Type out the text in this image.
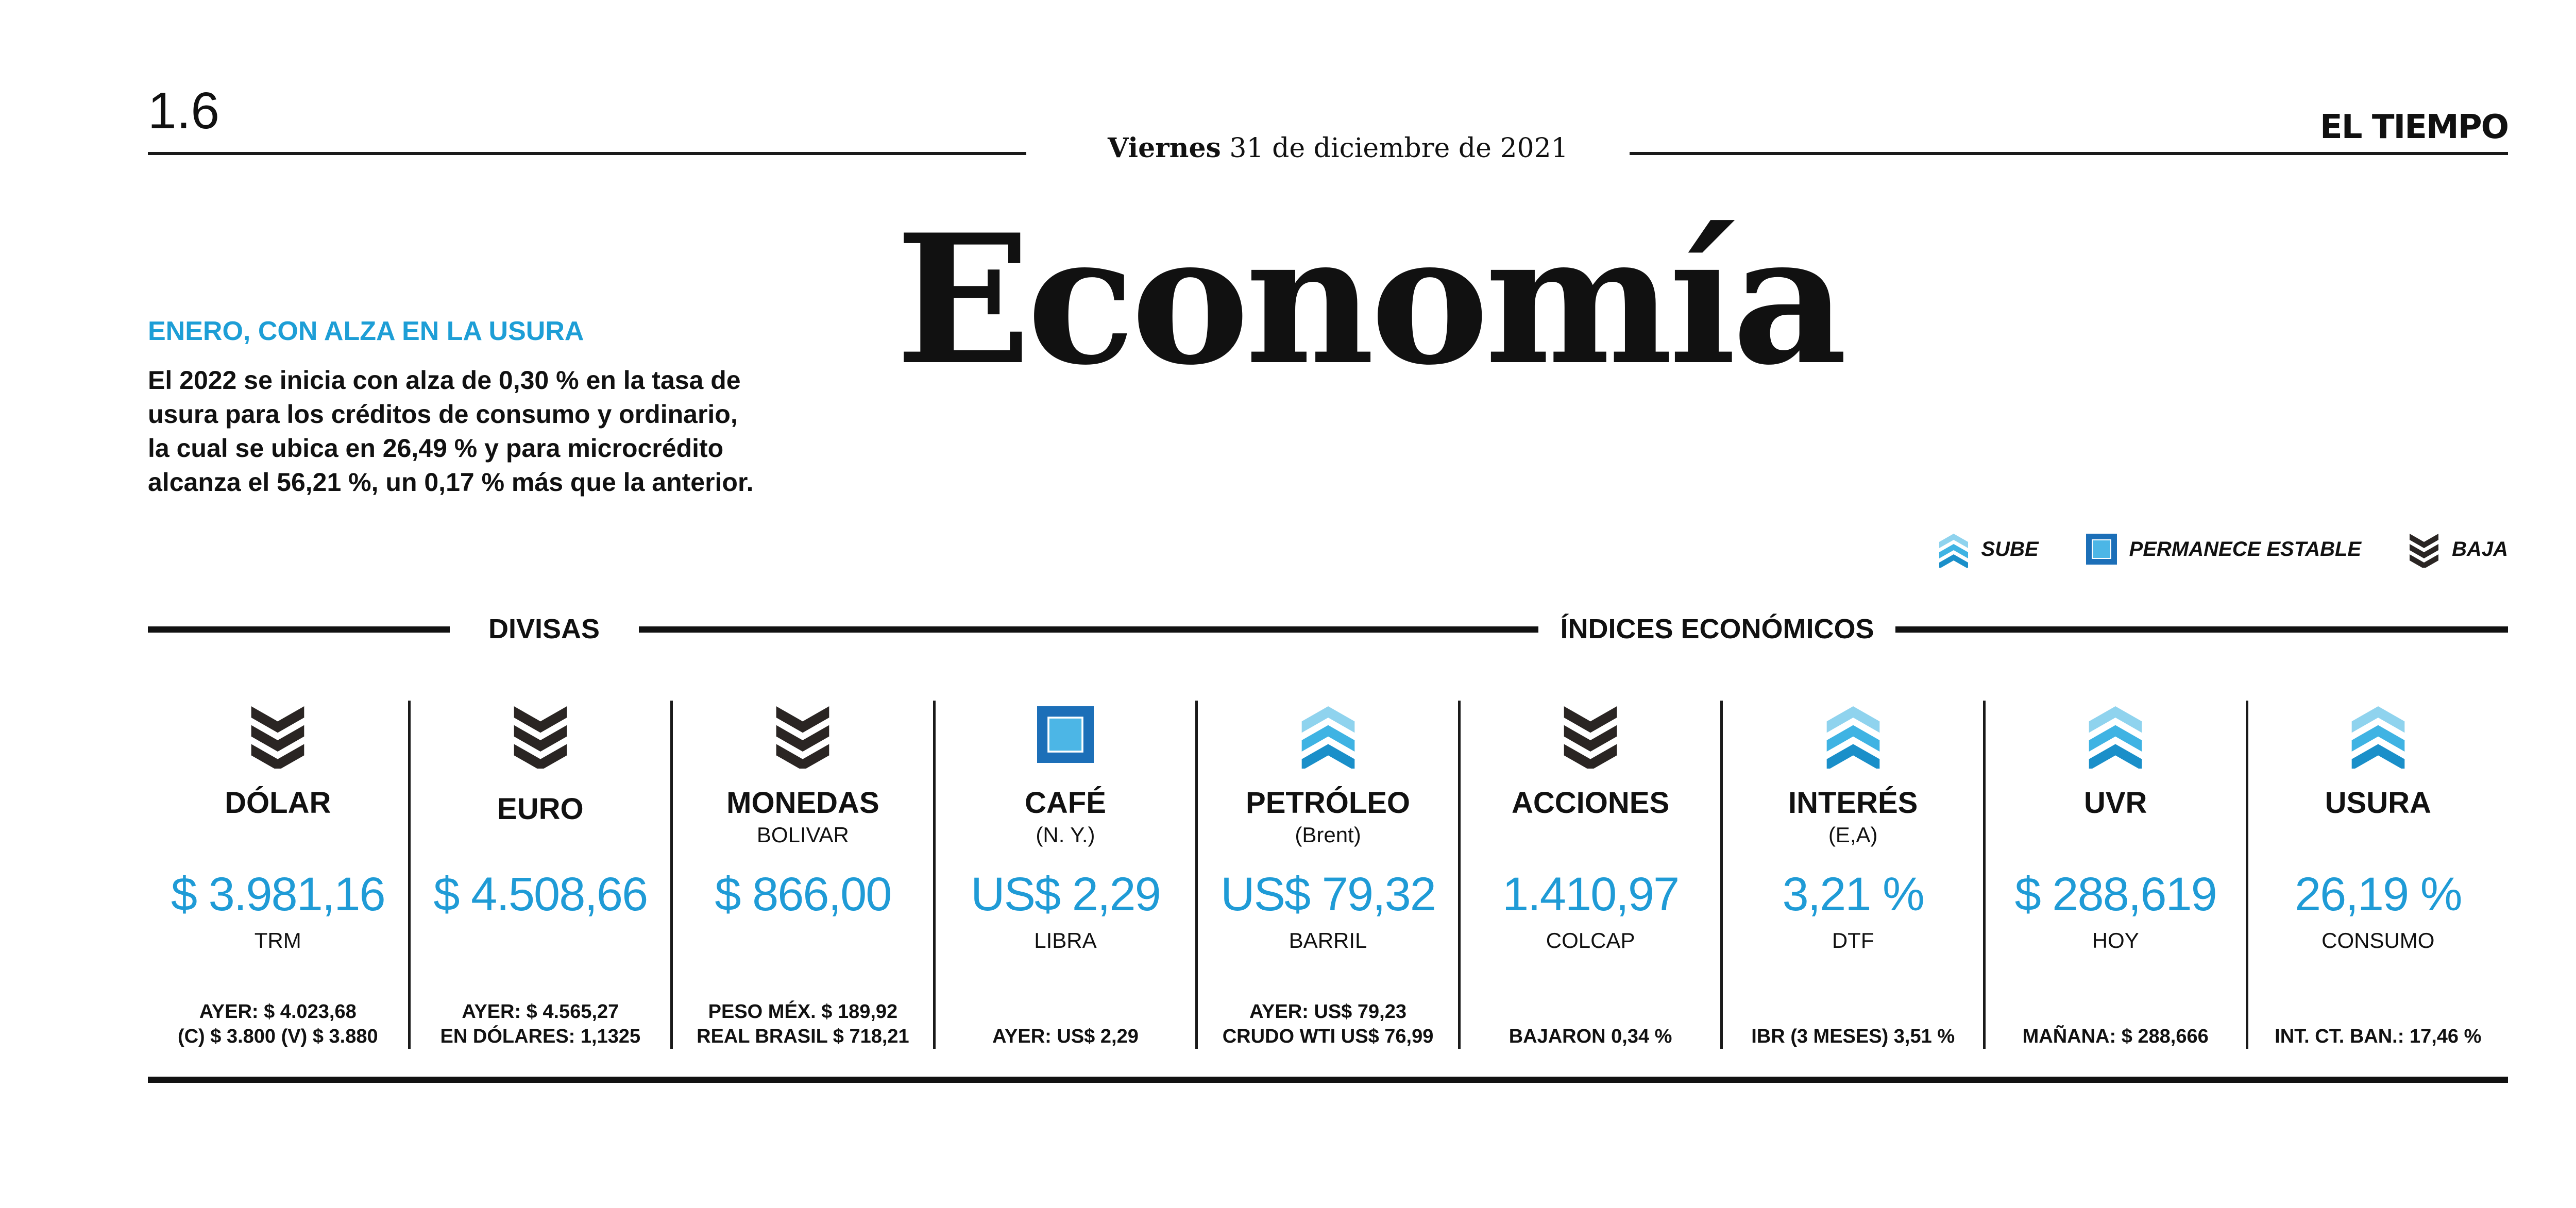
1.6
Viernes 31 de diciembre de 2021
EL TIEMPO
Economía
ENERO, CON ALZA EN LA USURA
El 2022 se inicia con alza de 0,30 % en la tasa de
usura para los créditos de consumo y ordinario,
la cual se ubica en 26,49 % y para microcrédito
alcanza el 56,21 %, un 0,17 % más que la anterior.
SUBE	PERMANECE ESTABLE	BAJA
DIVISAS	ÍNDICES ECONÓMICOS
DÓLAR
$ 3.981,16
TRM
AYER: $ 4.023,68
(C) $ 3.800 (V) $ 3.880
EURO
$ 4.508,66
AYER: $ 4.565,27
EN DÓLARES: 1,1325
MONEDAS
BOLIVAR
$ 866,00
PESO MÉX. $ 189,92
REAL BRASIL $ 718,21
CAFÉ
(N. Y.)
US$ 2,29
LIBRA
AYER: US$ 2,29
PETRÓLEO
(Brent)
US$ 79,32
BARRIL
AYER: US$ 79,23
CRUDO WTI US$ 76,99
ACCIONES
1.410,97
COLCAP
BAJARON 0,34 %
INTERÉS
(E,A)
3,21 %
DTF
IBR (3 MESES) 3,51 %
UVR
$ 288,619
HOY
MAÑANA: $ 288,666
USURA
26,19 %
CONSUMO
INT. CT. BAN.: 17,46 %
